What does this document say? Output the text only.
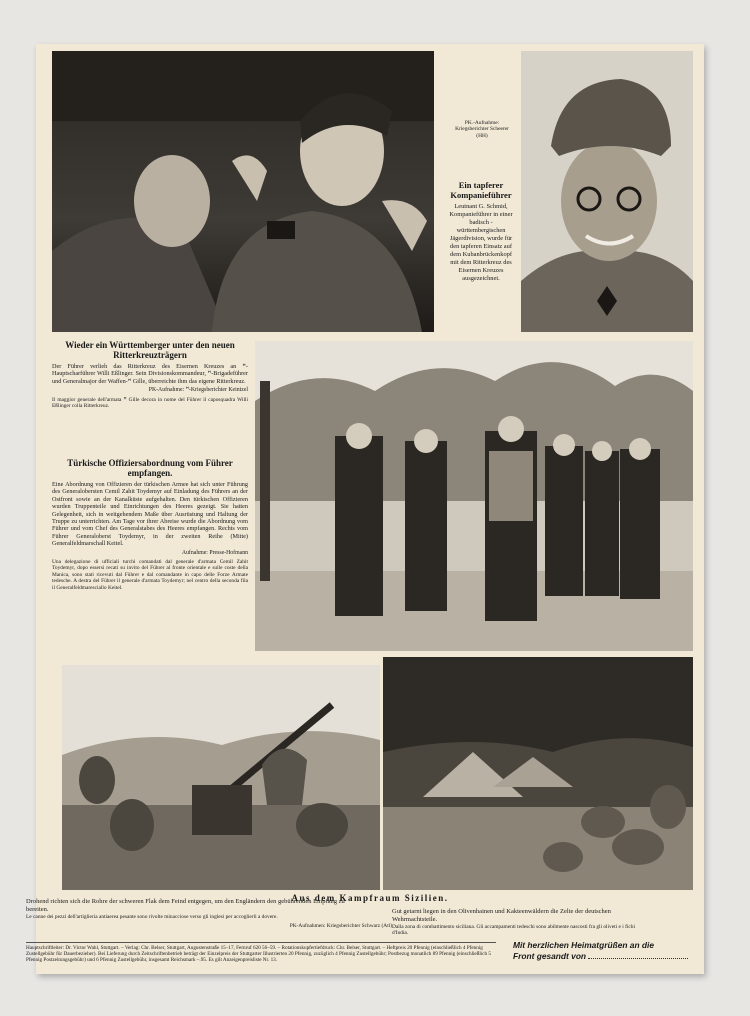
PK.-Aufnahme: Kriegsberichter Scheerer (HH)
Ein tapferer Kompanieführer
Leutnant G. Schmid, Kompanieführer in einer badisch - württembergischen Jägerdivision, wurde für den tapferen Einsatz auf dem Kubanbrückenkopf mit dem Ritterkreuz des Eisernen Kreuzes ausgezeichnet.
Wieder ein Württemberger unter den neuen Ritterkreuzträgern

Der Führer verlieh das Ritterkreuz des Eisernen Kreuzes an ꟸ-Hauptscharführer Willi Eßlinger. Sein Divisionskommandeur, ꟸ-Brigadeführer und Generalmajor der Waffen-ꟸ Gille, überreichte ihm das eigene Ritterkreuz.

PK-Aufnahme: ꟸ-Kriegsberichter Keintzel

Il maggior generale dell'armata ꟸ Gille decora in nome del Führer il caposquadra Willi Eßlinger colla Ritterkreuz.

Türkische Offiziersabordnung vom Führer empfangen.

Eine Abordnung von Offizieren der türkischen Armee hat sich unter Führung des Generalobersten Cemil Zahit Toydemyr auf Einladung des Führers an der Ostfront sowie an der Kanalküste aufgehalten. Den türkischen Offizieren wurden Truppenteile und Einrichtungen des Heeres gezeigt. Sie hatten Gelegenheit, sich in weitgehendem Maße über Ausrüstung und Haltung der Truppe zu unterrichten. Am Tage vor ihrer Abreise wurde die Abordnung vom Führer und vom Chef des Generalstabes des Heeres empfangen. Rechts vom Führer Generaloberst Toydemyr, in der zweiten Reihe (Mitte) Generalfeldmarschall Keitel.

Aufnahme: Presse-Hofmann

Una delegazione di ufficiali turchi comandati dal generale d'armata Cemil Zahit Toydemyr, dopo essersi recati su invito del Führer al fronte orientale e sulle coste della Manica, sono stati ricevuti dal Führer e dal comandante in capo delle Forze Armate tedesche. A destra del Führer il generale d'armata Toydemyr; nel centro della seconda fila il Generalfeldmaresciallo Keitel.

Aus dem Kampfraum Sizilien.
Drohend richten sich die Rohre der schweren Flak dem Feind entgegen, um den Engländern den gebührenden Empfang zu bereiten.
Le canne dei pezzi dell'artiglieria antiaerea pesante sono rivolte minacciose verso gli inglesi per accoglierli a dovere.
Gut getarnt liegen in den Olivenhainen und Kakteenwäldern die Zelte der deutschen Wehrmachtsteile.
Dalla zona di combattimento siciliana. Gli accampamenti tedeschi sono abilmente nascosti fra gli oliveti e i fichi d'India.
PK-Aufnahmen: Kriegsberichter Schwarz (Atl)
Hauptschriftleiter: Dr. Victor Wahl, Stuttgart. – Verlag: Chr. Belser, Stuttgart, Augustenstraße 15–17, Fernruf 620 56–59. – Rotationskupfertiefdruck: Chr. Belser, Stuttgart. – Heftpreis 20 Pfennig (einschließlich 4 Pfennig Zustellgebühr für Dauerbezieher). Bei Lieferung durch Zeitschriftenbetrieb beträgt der Einzelpreis der Stuttgarter Illustrierten 20 Pfennig, zuzüglich 4 Pfennig Zustellgebühr; Postbezug monatlich 89 Pfennig (einschließlich 5 Pfennig Postzeitungsgebühr) und 6 Pfennig Zustellgebühr, insgesamt Reichsmark –.95. Es gilt Anzeigenpreisliste Nr. 13.
Mit herzlichen Heimatgrüßen an die
Front gesandt von
